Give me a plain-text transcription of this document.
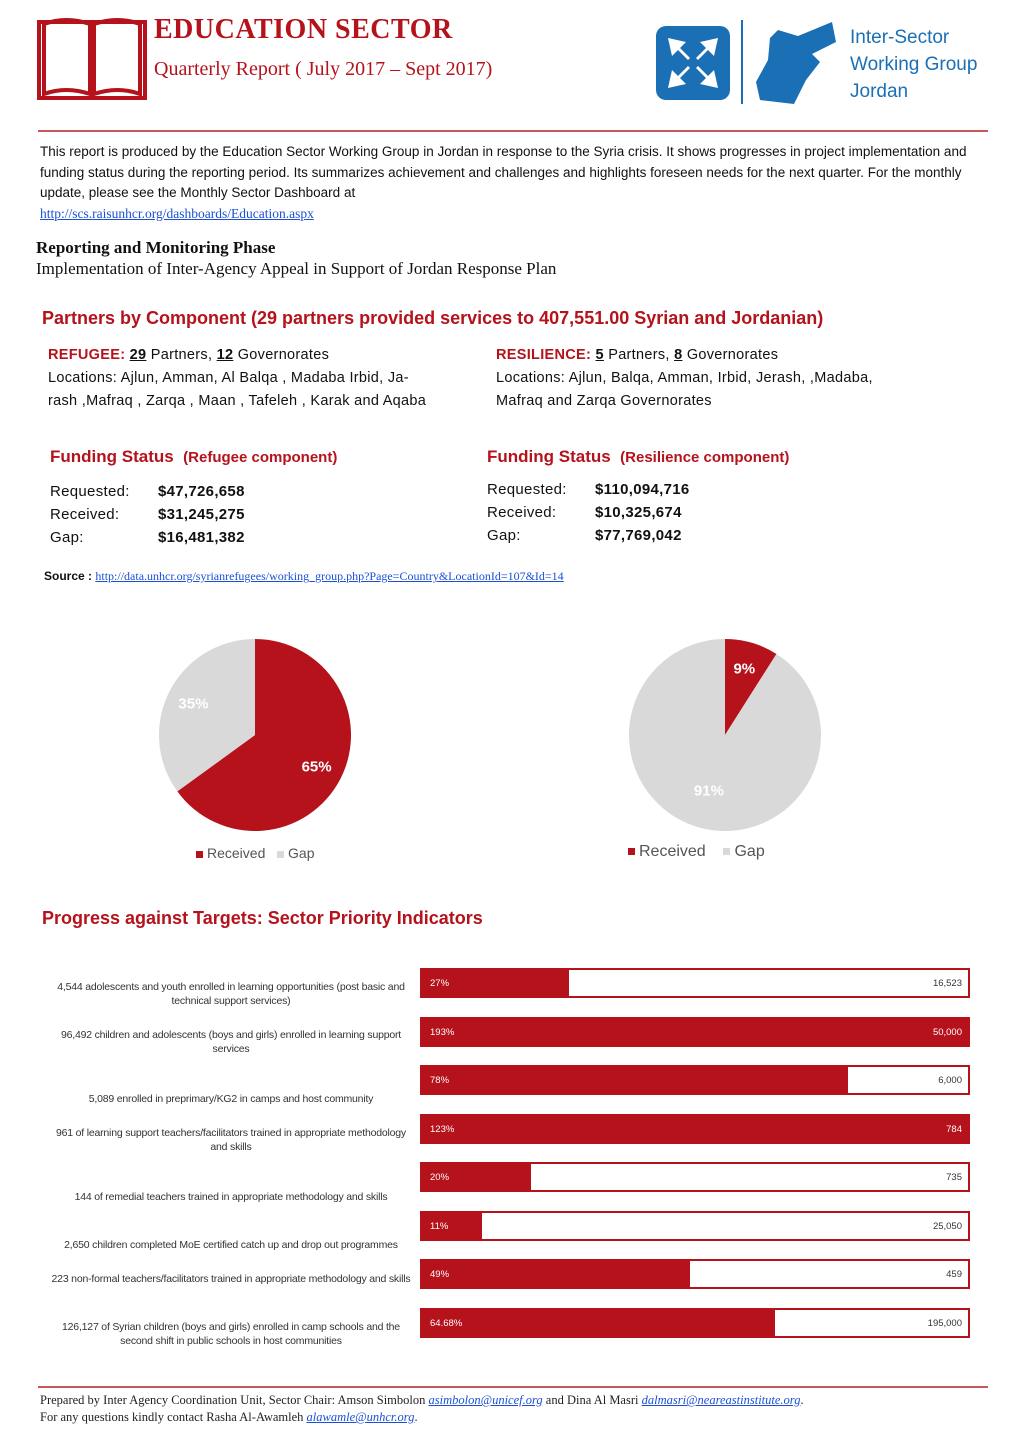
EDUCATION SECTOR
Quarterly Report ( July 2017 – Sept 2017)
Inter-Sector
Working Group
Jordan
This report is produced by the Education Sector Working Group in Jordan in response to the Syria crisis. It shows progresses in project implementation and funding status during the reporting period. Its summarizes achievement and challenges and highlights foreseen needs for the next quarter. For the monthly update, please see the Monthly Sector Dashboard at
http://scs.raisunhcr.org/dashboards/Education.aspx
Reporting and Monitoring Phase
Implementation of Inter-Agency Appeal in Support of Jordan Response Plan
Partners by Component (29 partners provided services to 407,551.00 Syrian and Jordanian)
REFUGEE: 29 Partners, 12 Governorates
Locations: Ajlun, Amman, Al Balqa , Madaba Irbid, Ja-
rash ,Mafraq , Zarqa , Maan , Tafeleh , Karak and Aqaba
RESILIENCE: 5 Partners, 8 Governorates
Locations: Ajlun, Balqa, Amman, Irbid, Jerash, ,Madaba,
Mafraq and Zarqa Governorates
Funding Status (Refugee component)
Requested: $47,726,658
Received:	$31,245,275
Gap:	$16,481,382
Funding Status (Resilience component)
Requested: $110,094,716
Received:	$10,325,674
Gap:	$77,769,042
Source : http://data.unhcr.org/syrianrefugees/working_group.php?Page=Country&LocationId=107&Id=14
65%
35%
Received Gap
9%
91%
Received Gap
Progress against Targets: Sector Priority Indicators
4,544 adolescents and youth enrolled in learning opportunities (post basic and technical support services)
27%	16,523
96,492 children and adolescents (boys and girls) enrolled in learning support services
193%	50,000
5,089 enrolled in preprimary/KG2 in camps and host community
78%	6,000
961 of learning support teachers/facilitators trained in appropriate methodology and skills
123%	784
144 of remedial teachers trained in appropriate methodology and skills
20%	735
2,650 children completed MoE certified catch up and drop out programmes
11%	25,050
223 non-formal teachers/facilitators trained in appropriate methodology and skills 49%	459
126,127 of Syrian children (boys and girls) enrolled in camp schools and the second shift in public schools in host communities
64.68%	195,000
Prepared by Inter Agency Coordination Unit, Sector Chair: Amson Simbolon asimbolon@unicef.org and Dina Al Masri dalmasri@neareastinstitute.org.
For any questions kindly contact Rasha Al-Awamleh alawamle@unhcr.org.
